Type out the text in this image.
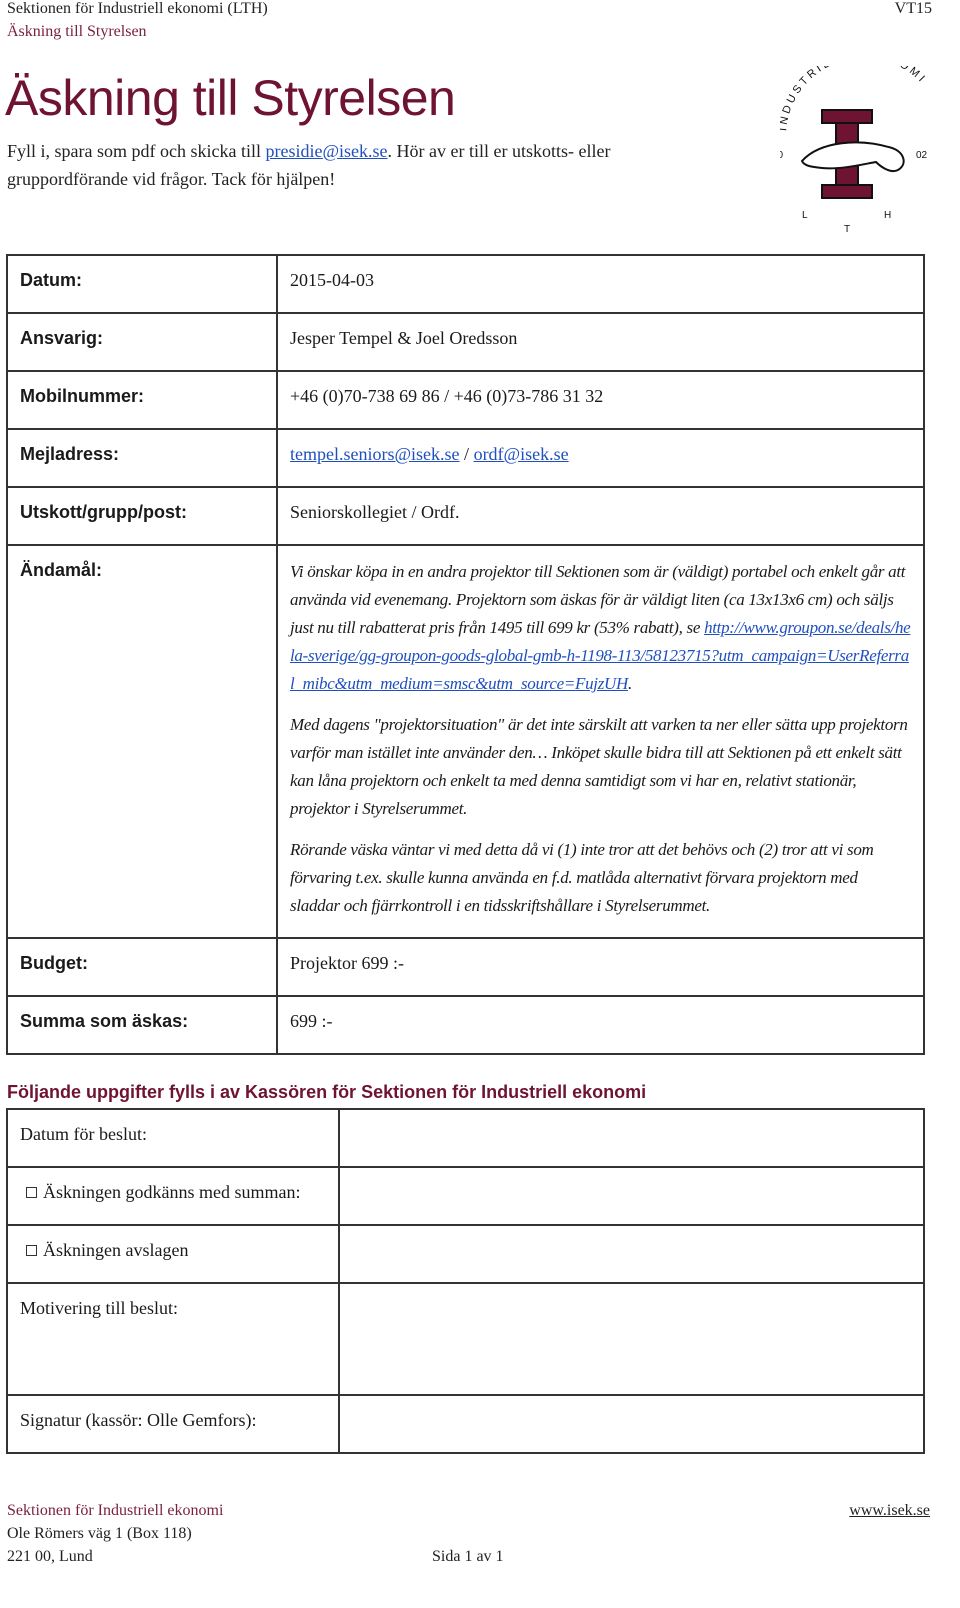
Sektionen för Industriell ekonomi (LTH)
Äskning till Styrelsen
VT15
Äskning till Styrelsen
Fyll i, spara som pdf och skicka till presidie@isek.se. Hör av er till er utskotts- eller gruppordförande vid frågor. Tack för hjälpen!
DUSTRI OMI
0	02
L
T
H
Datum:	2015-04-03
Ansvarig:	Jesper Tempel & Joel Oredsson
Mobilnummer:	+46 (0)70-738 69 86 / +46 (0)73-786 31 32
Mejladress:	tempel.seniors@isek.se / ordf@isek.se
Utskott/grupp/post:	Seniorskollegiet / Ordf.
Ändamål:	Vi önskar köpa in en andra projektor till Sektionen som är (väldigt) portabel och enkelt går att använda vid evenemang. Projektorn som äskas för är väldigt liten (ca 13x13x6 cm) och säljs just nu till rabatterat pris från 1495 till 699 kr (53% rabatt), se http://www.groupon.se/deals/hela-sverige/gg-groupon-goods-global-gmb-h-1198-113/58123715?utm_campaign=UserReferral_mibc&utm_medium=smsc&utm_source=FujzUH.

Med dagens "projektorsituation" är det inte särskilt att varken ta ner eller sätta upp projektorn varför man istället inte använder den… Inköpet skulle bidra till att Sektionen på ett enkelt sätt kan låna projektorn och enkelt ta med denna samtidigt som vi har en, relativt stationär, projektor i Styrelserummet.

Rörande väska väntar vi med detta då vi (1) inte tror att det behövs och (2) tror att vi som förvaring t.ex. skulle kunna använda en f.d. matlåda alternativt förvara projektorn med sladdar och fjärrkontroll i en tidsskriftshållare i Styrelserummet.

Budget:	Projektor 699 :-
Summa som äskas:	699 :-
Följande uppgifter fylls i av Kassören för Sektionen för Industriell ekonomi
Datum för beslut:	
Äskningen godkänns med summan:	
Äskningen avslagen	
Motivering till beslut:	
Signatur (kassör: Olle Gemfors):	
Sektionen för Industriell ekonomi
Ole Römers väg 1 (Box 118)
221 00, Lund	Sida 1 av 1
www.isek.se
